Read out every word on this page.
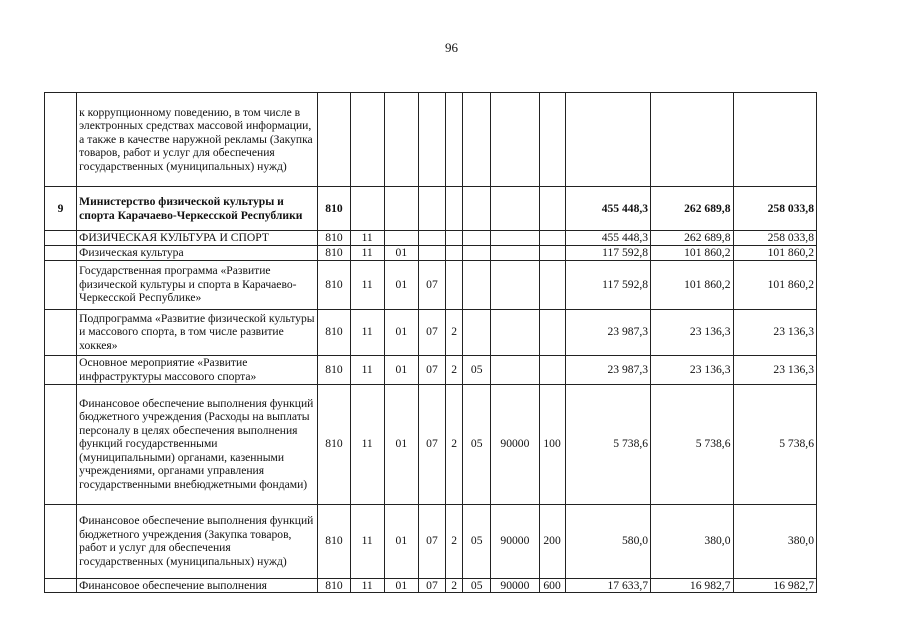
96
	к коррупционному поведению, в том числе в электронных средствах массовой информации, а также в качестве наружной рекламы (Закупка товаров, работ и услуг для обеспечения государственных (муниципальных) нужд)											
9	Министерство физической культуры и спорта Карачаево-Черкесской Республики	810								455 448,3	262 689,8	258 033,8
	ФИЗИЧЕСКАЯ КУЛЬТУРА И СПОРТ	810	11							455 448,3	262 689,8	258 033,8
	Физическая культура	810	11	01						117 592,8	101 860,2	101 860,2
	Государственная программа «Развитие физической культуры и спорта в Карачаево-Черкесской Республике»	810	11	01	07					117 592,8	101 860,2	101 860,2
	Подпрограмма «Развитие физической культуры и массового спорта, в том числе развитие хоккея»	810	11	01	07	2				23 987,3	23 136,3	23 136,3
	Основное мероприятие «Развитие инфраструктуры массового спорта»	810	11	01	07	2	05			23 987,3	23 136,3	23 136,3
	Финансовое обеспечение выполнения функций бюджетного учреждения (Расходы на выплаты персоналу в целях обеспечения выполнения функций государственными (муниципальными) органами, казенными учреждениями, органами управления государственными внебюджетными фондами)	810	11	01	07	2	05	90000	100	5 738,6	5 738,6	5 738,6
	Финансовое обеспечение выполнения функций бюджетного учреждения (Закупка товаров, работ и услуг для обеспечения государственных (муниципальных) нужд)	810	11	01	07	2	05	90000	200	580,0	380,0	380,0
	Финансовое обеспечение выполнения	810	11	01	07	2	05	90000	600	17 633,7	16 982,7	16 982,7
